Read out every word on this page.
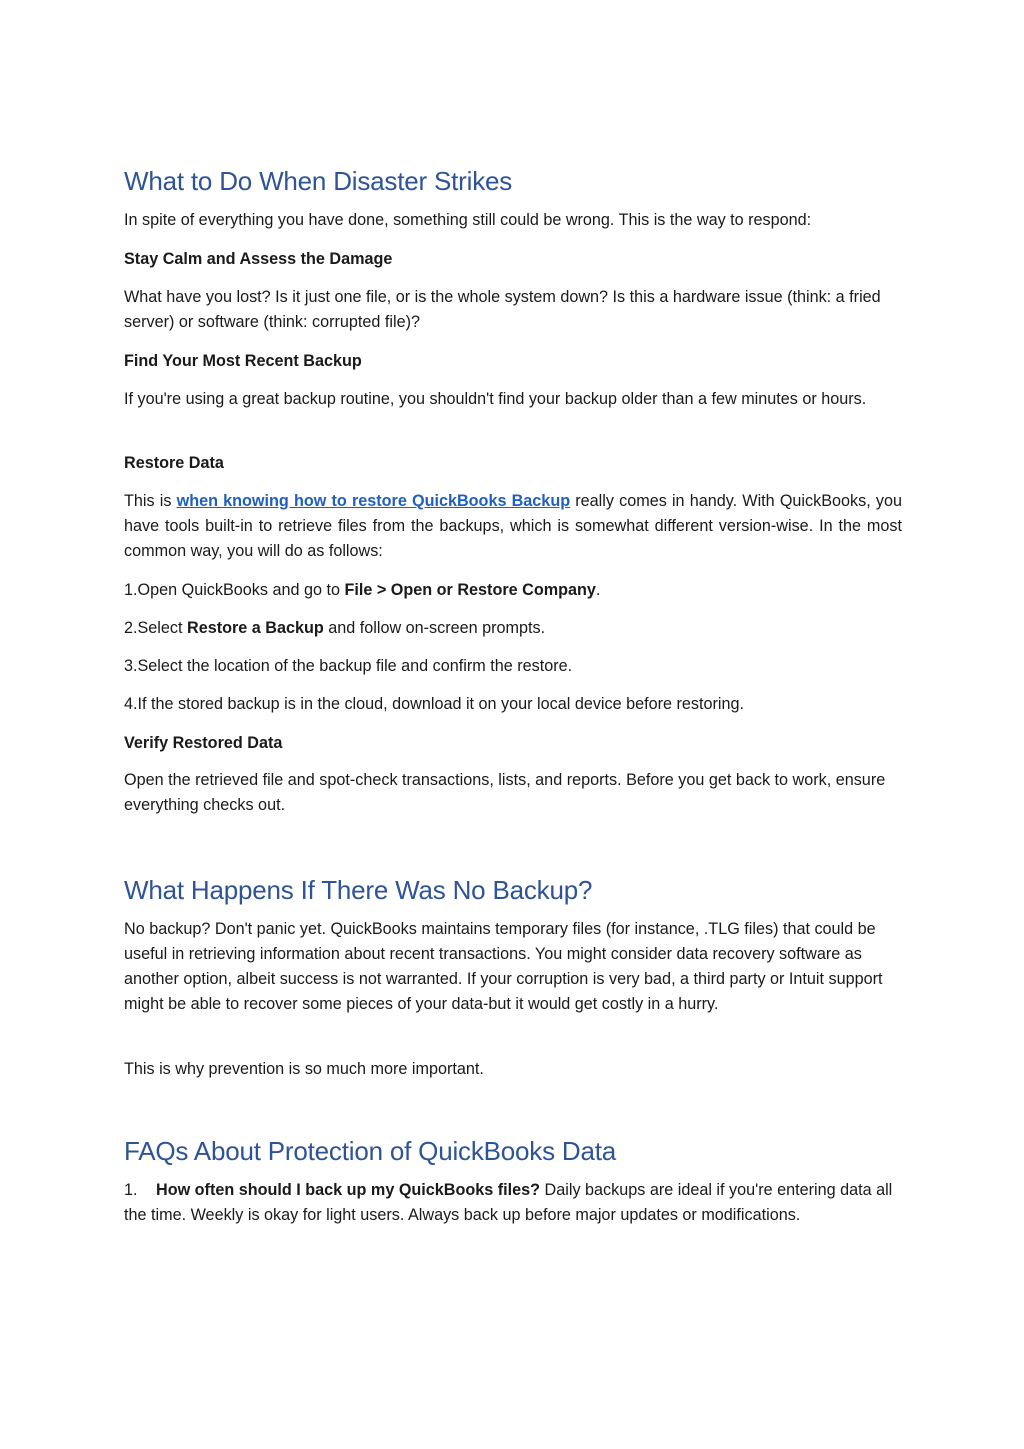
What to Do When Disaster Strikes

In spite of everything you have done, something still could be wrong. This is the way to respond:

Stay Calm and Assess the Damage

What have you lost? Is it just one file, or is the whole system down? Is this a hardware issue (think: a fried server) or software (think: corrupted file)?

Find Your Most Recent Backup

If you're using a great backup routine, you shouldn't find your backup older than a few minutes or hours.

Restore Data

This is when knowing how to restore QuickBooks Backup really comes in handy. With QuickBooks, you have tools built-in to retrieve files from the backups, which is somewhat different version-wise. In the most common way, you will do as follows:

1.Open QuickBooks and go to File > Open or Restore Company.

2.Select Restore a Backup and follow on-screen prompts.

3.Select the location of the backup file and confirm the restore.

4.If the stored backup is in the cloud, download it on your local device before restoring.

Verify Restored Data

Open the retrieved file and spot-check transactions, lists, and reports. Before you get back to work, ensure everything checks out.

What Happens If There Was No Backup?

No backup? Don't panic yet. QuickBooks maintains temporary files (for instance, .TLG files) that could be useful in retrieving information about recent transactions. You might consider data recovery software as another option, albeit success is not warranted. If your corruption is very bad, a third party or Intuit support might be able to recover some pieces of your data-but it would get costly in a hurry.

This is why prevention is so much more important.

FAQs About Protection of QuickBooks Data

1. How often should I back up my QuickBooks files? Daily backups are ideal if you're entering data all the time. Weekly is okay for light users. Always back up before major updates or modifications.
